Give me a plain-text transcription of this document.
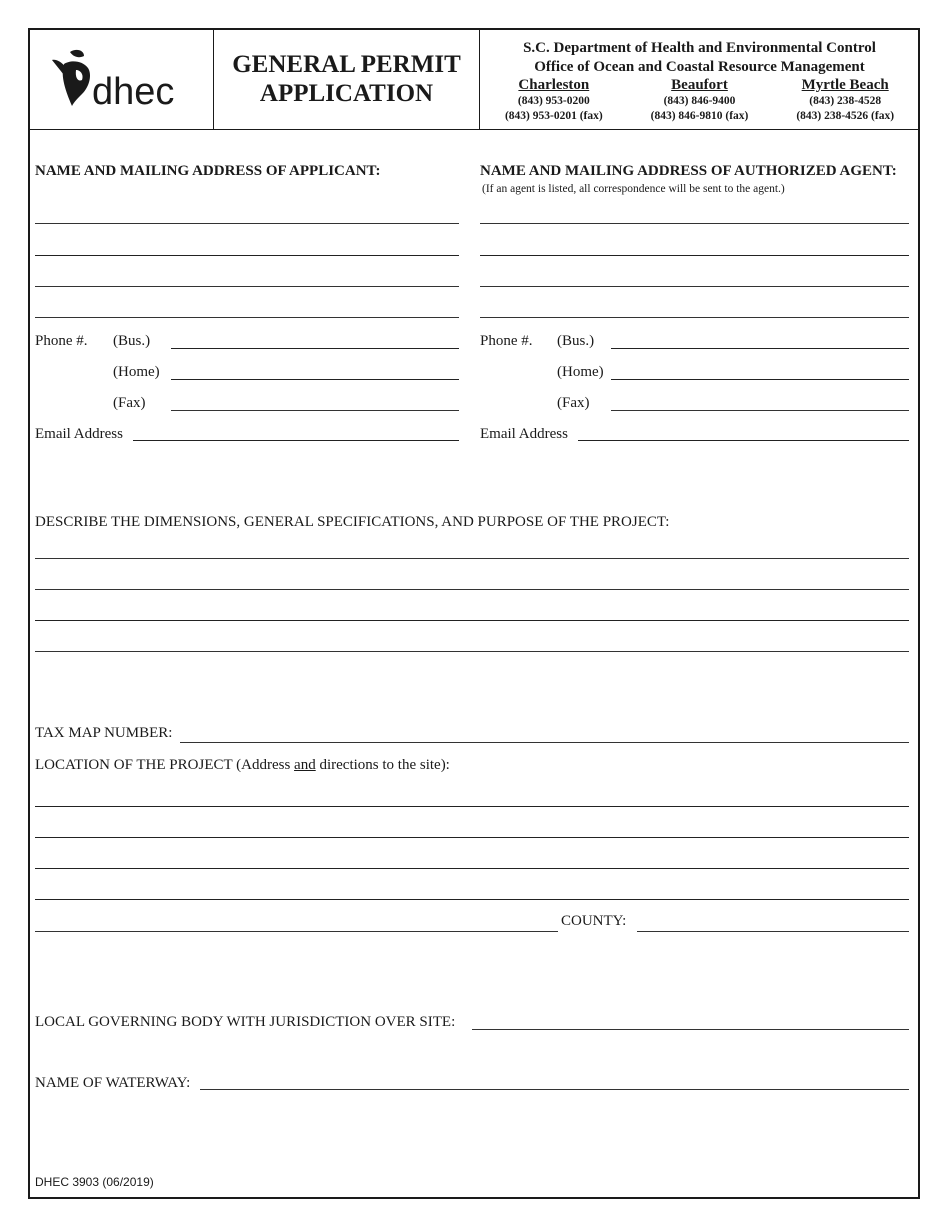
dhec
GENERAL PERMIT
APPLICATION
S.C. Department of Health and Environmental Control
Office of Ocean and Coastal Resource Management
Charleston
(843) 953-0200
(843) 953-0201 (fax)
Beaufort
(843) 846-9400
(843) 846-9810 (fax)
Myrtle Beach
(843) 238-4528
(843) 238-4526 (fax)
NAME AND MAILING ADDRESS OF APPLICANT:
Phone #. (Bus.)
(Home)
(Fax)
Email Address
NAME AND MAILING ADDRESS OF AUTHORIZED AGENT:
(If an agent is listed, all correspondence will be sent to the agent.)
Phone #. (Bus.)
(Home)
(Fax)
Email Address
DESCRIBE THE DIMENSIONS, GENERAL SPECIFICATIONS, AND PURPOSE OF THE PROJECT:
TAX MAP NUMBER:
LOCATION OF THE PROJECT (Address and directions to the site):
COUNTY:
LOCAL GOVERNING BODY WITH JURISDICTION OVER SITE:
NAME OF WATERWAY:
DHEC 3903 (06/2019)
